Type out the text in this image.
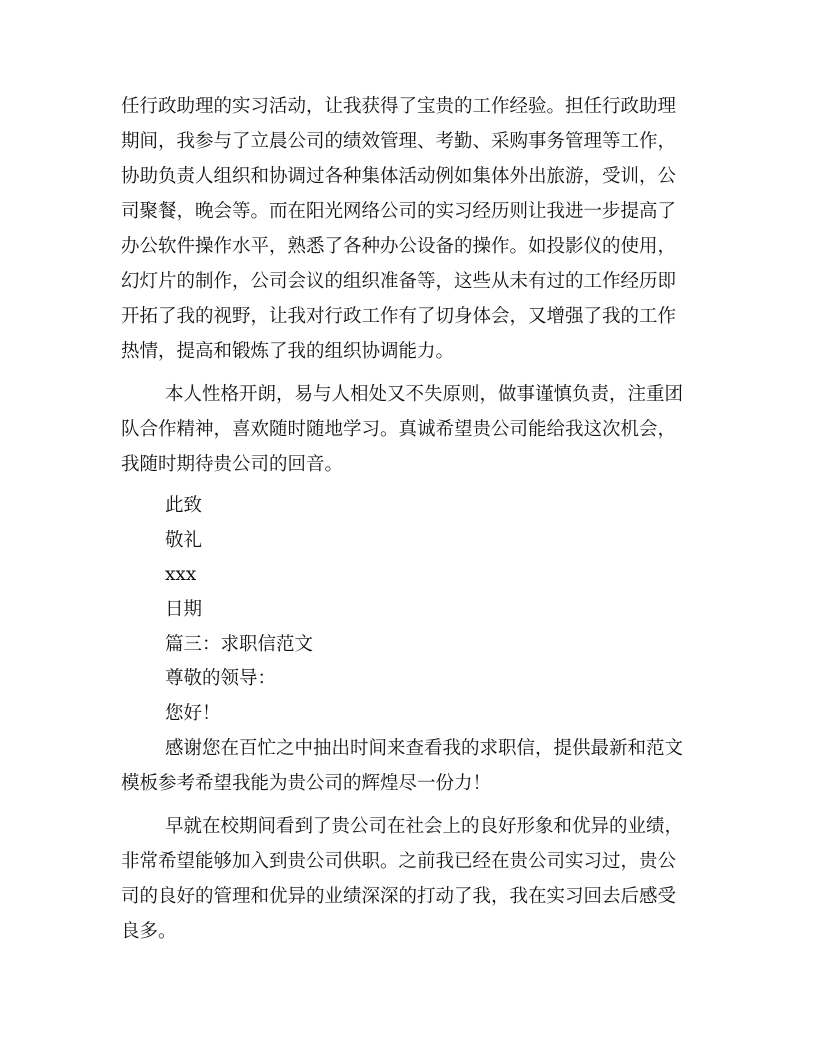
任行政助理的实习活动，让我获得了宝贵的工作经验。担任行政助理
期间，我参与了立晨公司的绩效管理、考勤、采购事务管理等工作，
协助负责人组织和协调过各种集体活动例如集体外出旅游，受训，公
司聚餐，晚会等。而在阳光网络公司的实习经历则让我进一步提高了
办公软件操作水平，熟悉了各种办公设备的操作。如投影仪的使用，
幻灯片的制作，公司会议的组织准备等，这些从未有过的工作经历即
开拓了我的视野，让我对行政工作有了切身体会，又增强了我的工作
热情，提高和锻炼了我的组织协调能力。
本人性格开朗，易与人相处又不失原则，做事谨慎负责，注重团
队合作精神，喜欢随时随地学习。真诚希望贵公司能给我这次机会，
我随时期待贵公司的回音。
此致
敬礼
xxx
日期
篇三：求职信范文
尊敬的领导：
您好！
感谢您在百忙之中抽出时间来查看我的求职信，提供最新和范文
模板参考希望我能为贵公司的辉煌尽一份力！
早就在校期间看到了贵公司在社会上的良好形象和优异的业绩，
非常希望能够加入到贵公司供职。之前我已经在贵公司实习过，贵公
司的良好的管理和优异的业绩深深的打动了我，我在实习回去后感受
良多。
